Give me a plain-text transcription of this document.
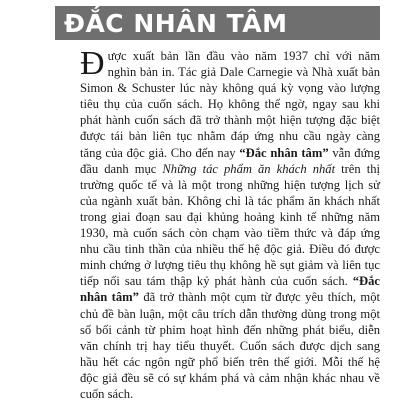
ĐẮC NHÂN TÂM

Được xuất bản lần đầu vào năm 1937 chỉ với năm nghìn bản in. Tác giả Dale Carnegie và Nhà xuất bản Simon & Schuster lúc này không quá kỳ vọng vào lượng tiêu thụ của cuốn sách. Họ không thể ngờ, ngay sau khi phát hành cuốn sách đã trở thành một hiện tượng đặc biệt được tái bản liên tục nhằm đáp ứng nhu cầu ngày càng tăng của độc giả. Cho đến nay “Đắc nhân tâm” vẫn đứng đầu danh mục Những tác phẩm ăn khách nhất trên thị trường quốc tế và là một trong những hiện tượng lịch sử của ngành xuất bản. Không chỉ là tác phẩm ăn khách nhất trong giai đoạn sau đại khủng hoảng kinh tế những năm 1930, mà cuốn sách còn chạm vào tiềm thức và đáp ứng nhu cầu tinh thần của nhiều thế hệ độc giả. Điều đó được minh chứng ở lượng tiêu thụ không hề sụt giảm và liên tục tiếp nối sau tám thập kỷ phát hành của cuốn sách. “Đắc nhân tâm” đã trở thành một cụm từ được yêu thích, một chủ đề bàn luận, một câu trích dẫn thường dùng trong một số bối cảnh từ phim hoạt hình đến những phát biểu, diễn văn chính trị hay tiểu thuyết. Cuốn sách được dịch sang hầu hết các ngôn ngữ phổ biến trên thế giới. Mỗi thế hệ độc giả đều sẽ có sự khám phá và cảm nhận khác nhau về cuốn sách.
